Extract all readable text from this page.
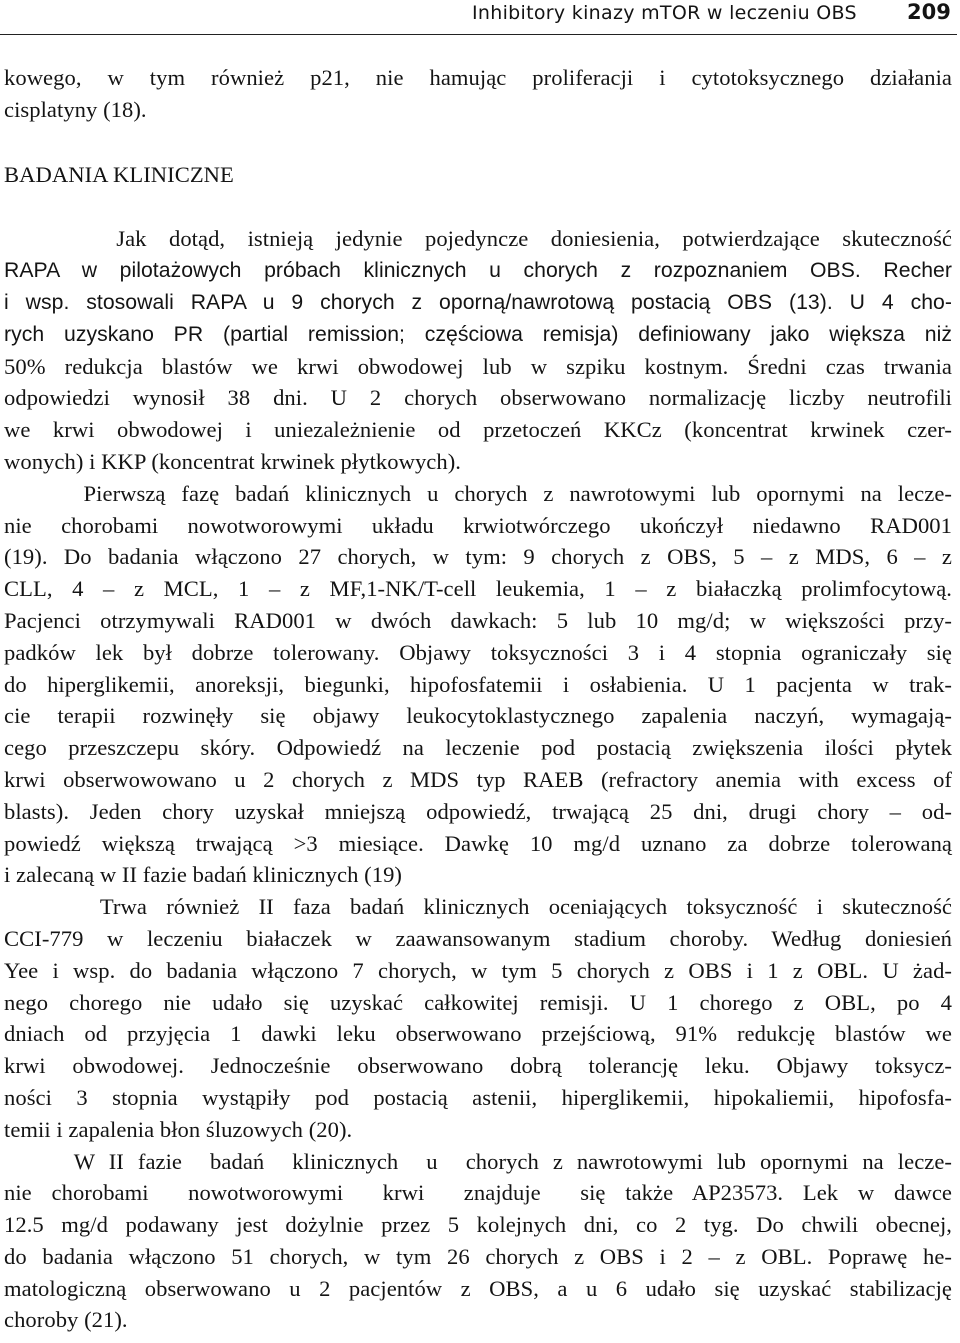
Inhibitory kinazy mTOR w leczeniu OBS 209
kowego, w tym również p21, nie hamując proliferacji i cytotoksycznego działania
cisplatyny (18).
BADANIA KLINICZNE
Jak dotąd, istnieją jedynie pojedyncze doniesienia, potwierdzające skuteczność
RAPA w pilotażowych próbach klinicznych u chorych z rozpoznaniem OBS. Recher
i wsp. stosowali RAPA u 9 chorych z oporną/nawrotową postacią OBS (13). U 4 cho-
rych uzyskano PR (partial remission; częściowa remisja) definiowany jako większa niż
50% redukcja blastów we krwi obwodowej lub w szpiku kostnym. Średni czas trwania
odpowiedzi wynosił 38 dni. U 2 chorych obserwowano normalizację liczby neutrofili
we krwi obwodowej i uniezależnienie od przetoczeń KKCz (koncentrat krwinek czer-
wonych) i KKP (koncentrat krwinek płytkowych).
Pierwszą fazę badań klinicznych u chorych z nawrotowymi lub opornymi na lecze-
nie chorobami nowotworowymi układu krwiotwórczego ukończył niedawno RAD001
(19). Do badania włączono 27 chorych, w tym: 9 chorych z OBS, 5 – z MDS, 6 – z
CLL, 4 – z MCL, 1 – z MF,1-NK/T-cell leukemia, 1 – z białaczką prolimfocytową.
Pacjenci otrzymywali RAD001 w dwóch dawkach: 5 lub 10 mg/d; w większości przy-
padków lek był dobrze tolerowany. Objawy toksyczności 3 i 4 stopnia ograniczały się
do hiperglikemii, anoreksji, biegunki, hipofosfatemii i osłabienia. U 1 pacjenta w trak-
cie terapii rozwinęły się objawy leukocytoklastycznego zapalenia naczyń, wymagają-
cego przeszczepu skóry. Odpowiedź na leczenie pod postacią zwiększenia ilości płytek
krwi obserwowowano u 2 chorych z MDS typ RAEB (refractory anemia with excess of
blasts). Jeden chory uzyskał mniejszą odpowiedź, trwającą 25 dni, drugi chory – od-
powiedź większą trwającą >3 miesiące. Dawkę 10 mg/d uznano za dobrze tolerowaną
i zalecaną w II fazie badań klinicznych (19)
Trwa również II faza badań klinicznych oceniających toksyczność i skuteczność
CCI-779 w leczeniu białaczek w zaawansowanym stadium choroby. Według doniesień
Yee i wsp. do badania włączono 7 chorych, w tym 5 chorych z OBS i 1 z OBL. U żad-
nego chorego nie udało się uzyskać całkowitej remisji. U 1 chorego z OBL, po 4
dniach od przyjęcia 1 dawki leku obserwowano przejściową, 91% redukcję blastów we
krwi obwodowej. Jednocześnie obserwowano dobrą tolerancję leku. Objawy toksycz-
ności 3 stopnia wystąpiły pod postacią astenii, hiperglikemii, hipokaliemii, hipofosfa-
temii i zapalenia błon śluzowych (20).
W II fazie  badań  klinicznych  u  chorych z nawrotowymi lub opornymi na lecze-
nie chorobami  nowotworowymi  krwi  znajduje  się także AP23573. Lek w dawce
12.5 mg/d podawany jest dożylnie przez 5 kolejnych dni, co 2 tyg. Do chwili obecnej,
do badania włączono 51 chorych, w tym 26 chorych z OBS i 2 – z OBL. Poprawę he-
matologiczną obserwowano u 2 pacjentów z OBS, a u 6 udało się uzyskać stabilizację
choroby (21).
